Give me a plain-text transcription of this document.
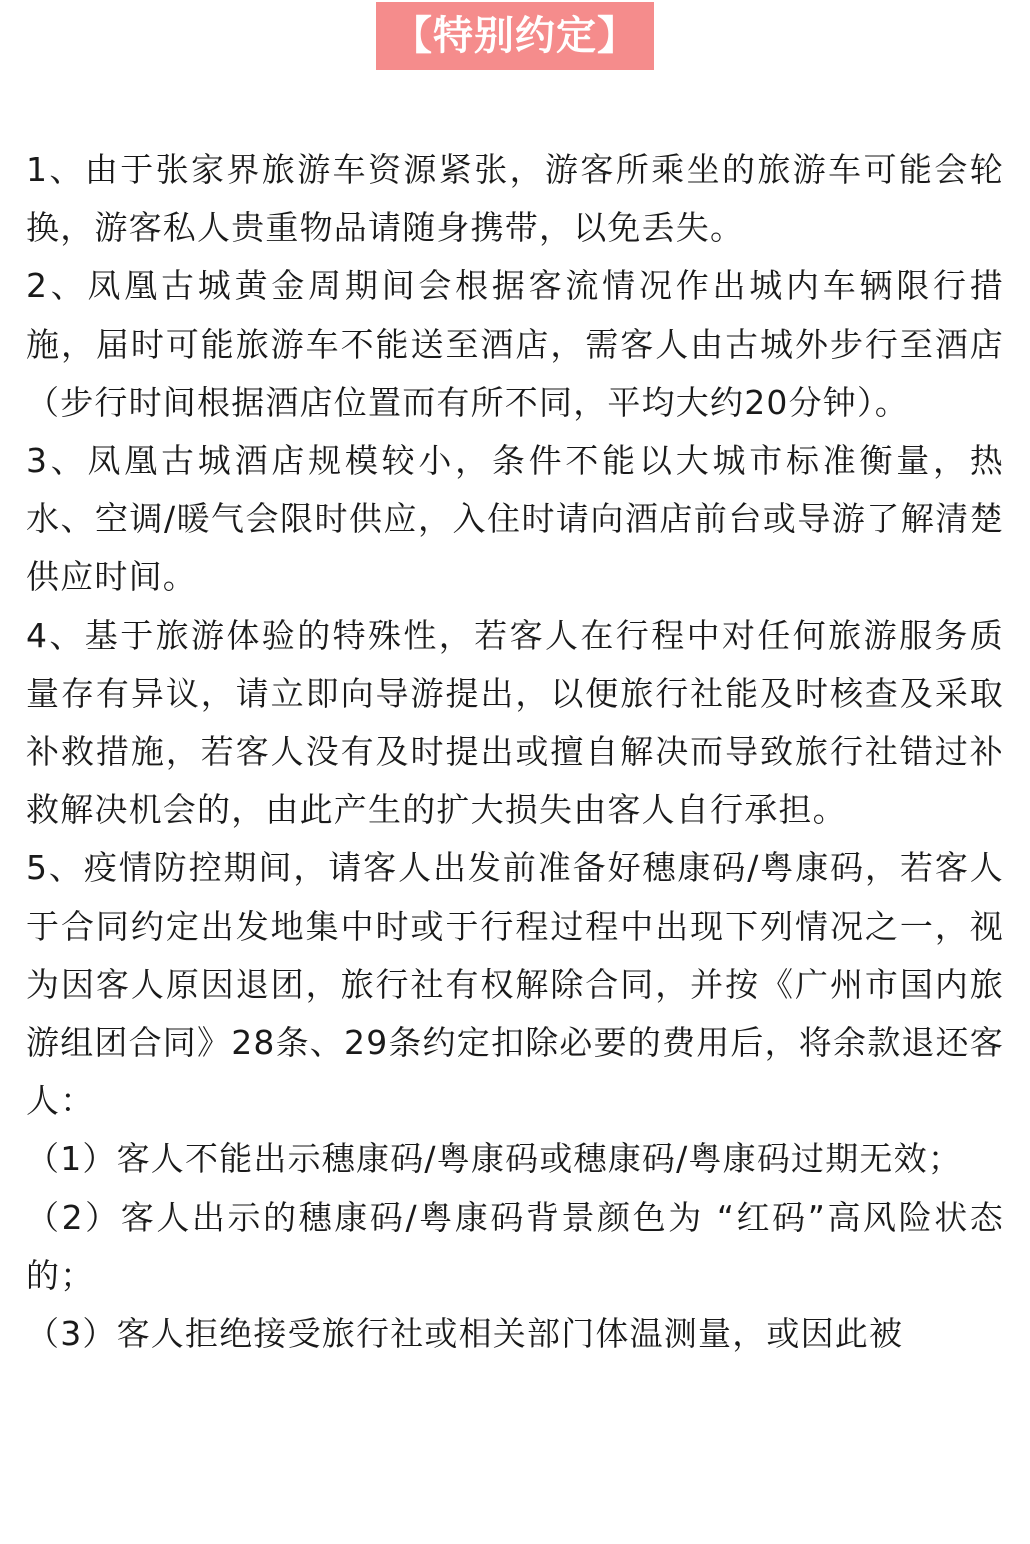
【特别约定】

1、由于张家界旅游车资源紧张，游客所乘坐的旅游车可能会轮换，游客私人贵重物品请随身携带，以免丢失。

2、凤凰古城黄金周期间会根据客流情况作出城内车辆限行措施，届时可能旅游车不能送至酒店，需客人由古城外步行至酒店（步行时间根据酒店位置而有所不同，平均大约20分钟）。

3、凤凰古城酒店规模较小，条件不能以大城市标准衡量，热水、空调/暖气会限时供应，入住时请向酒店前台或导游了解清楚供应时间。

4、基于旅游体验的特殊性，若客人在行程中对任何旅游服务质量存有异议，请立即向导游提出，以便旅行社能及时核查及采取补救措施，若客人没有及时提出或擅自解决而导致旅行社错过补救解决机会的，由此产生的扩大损失由客人自行承担。

5、疫情防控期间，请客人出发前准备好穗康码/粤康码，若客人于合同约定出发地集中时或于行程过程中出现下列情况之一，视为因客人原因退团，旅行社有权解除合同，并按《广州市国内旅游组团合同》28条、29条约定扣除必要的费用后，将余款退还客人：

（1）客人不能出示穗康码/粤康码或穗康码/粤康码过期无效；

（2）客人出示的穗康码/粤康码背景颜色为 “红码”高风险状态的；

（3）客人拒绝接受旅行社或相关部门体温测量，或因此被
